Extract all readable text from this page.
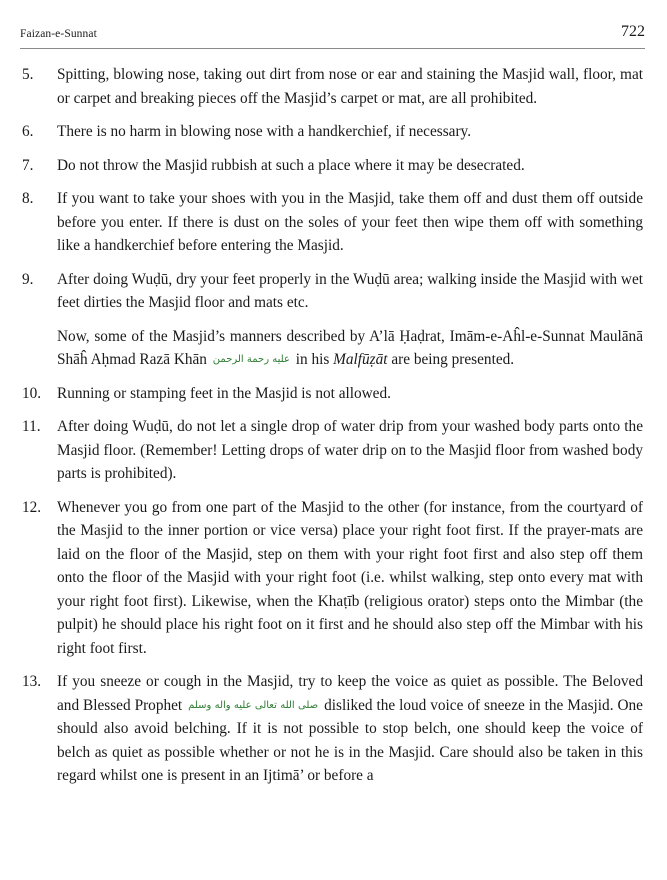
Faizan-e-Sunnat	722
5.	Spitting, blowing nose, taking out dirt from nose or ear and staining the Masjid wall, floor, mat or carpet and breaking pieces off the Masjid’s carpet or mat, are all prohibited.
6.	There is no harm in blowing nose with a handkerchief, if necessary.
7.	Do not throw the Masjid rubbish at such a place where it may be desecrated.
8.	If you want to take your shoes with you in the Masjid, take them off and dust them off outside before you enter. If there is dust on the soles of your feet then wipe them off with something like a handkerchief before entering the Masjid.
9.	After doing Wuḍū, dry your feet properly in the Wuḍū area; walking inside the Masjid with wet feet dirties the Masjid floor and mats etc.
Now, some of the Masjid’s manners described by A’lā Ḥaḍrat, Imām-e-Aĥl-e-Sunnat Maulānā Shāĥ Aḥmad Razā Khān عليه رحمة الرحمن in his Malfūẓāt are being presented.
10.	Running or stamping feet in the Masjid is not allowed.
11.	After doing Wuḍū, do not let a single drop of water drip from your washed body parts onto the Masjid floor. (Remember! Letting drops of water drip on to the Masjid floor from washed body parts is prohibited).
12.	Whenever you go from one part of the Masjid to the other (for instance, from the courtyard of the Masjid to the inner portion or vice versa) place your right foot first. If the prayer-mats are laid on the floor of the Masjid, step on them with your right foot first and also step off them onto the floor of the Masjid with your right foot (i.e. whilst walking, step onto every mat with your right foot first). Likewise, when the Khaṭīb (religious orator) steps onto the Mimbar (the pulpit) he should place his right foot on it first and he should also step off the Mimbar with his right foot first.
13.	If you sneeze or cough in the Masjid, try to keep the voice as quiet as possible. The Beloved and Blessed Prophet صلى الله تعالى عليه واله وسلم disliked the loud voice of sneeze in the Masjid. One should also avoid belching. If it is not possible to stop belch, one should keep the voice of belch as quiet as possible whether or not he is in the Masjid. Care should also be taken in this regard whilst one is present in an Ijtimā’ or before a
